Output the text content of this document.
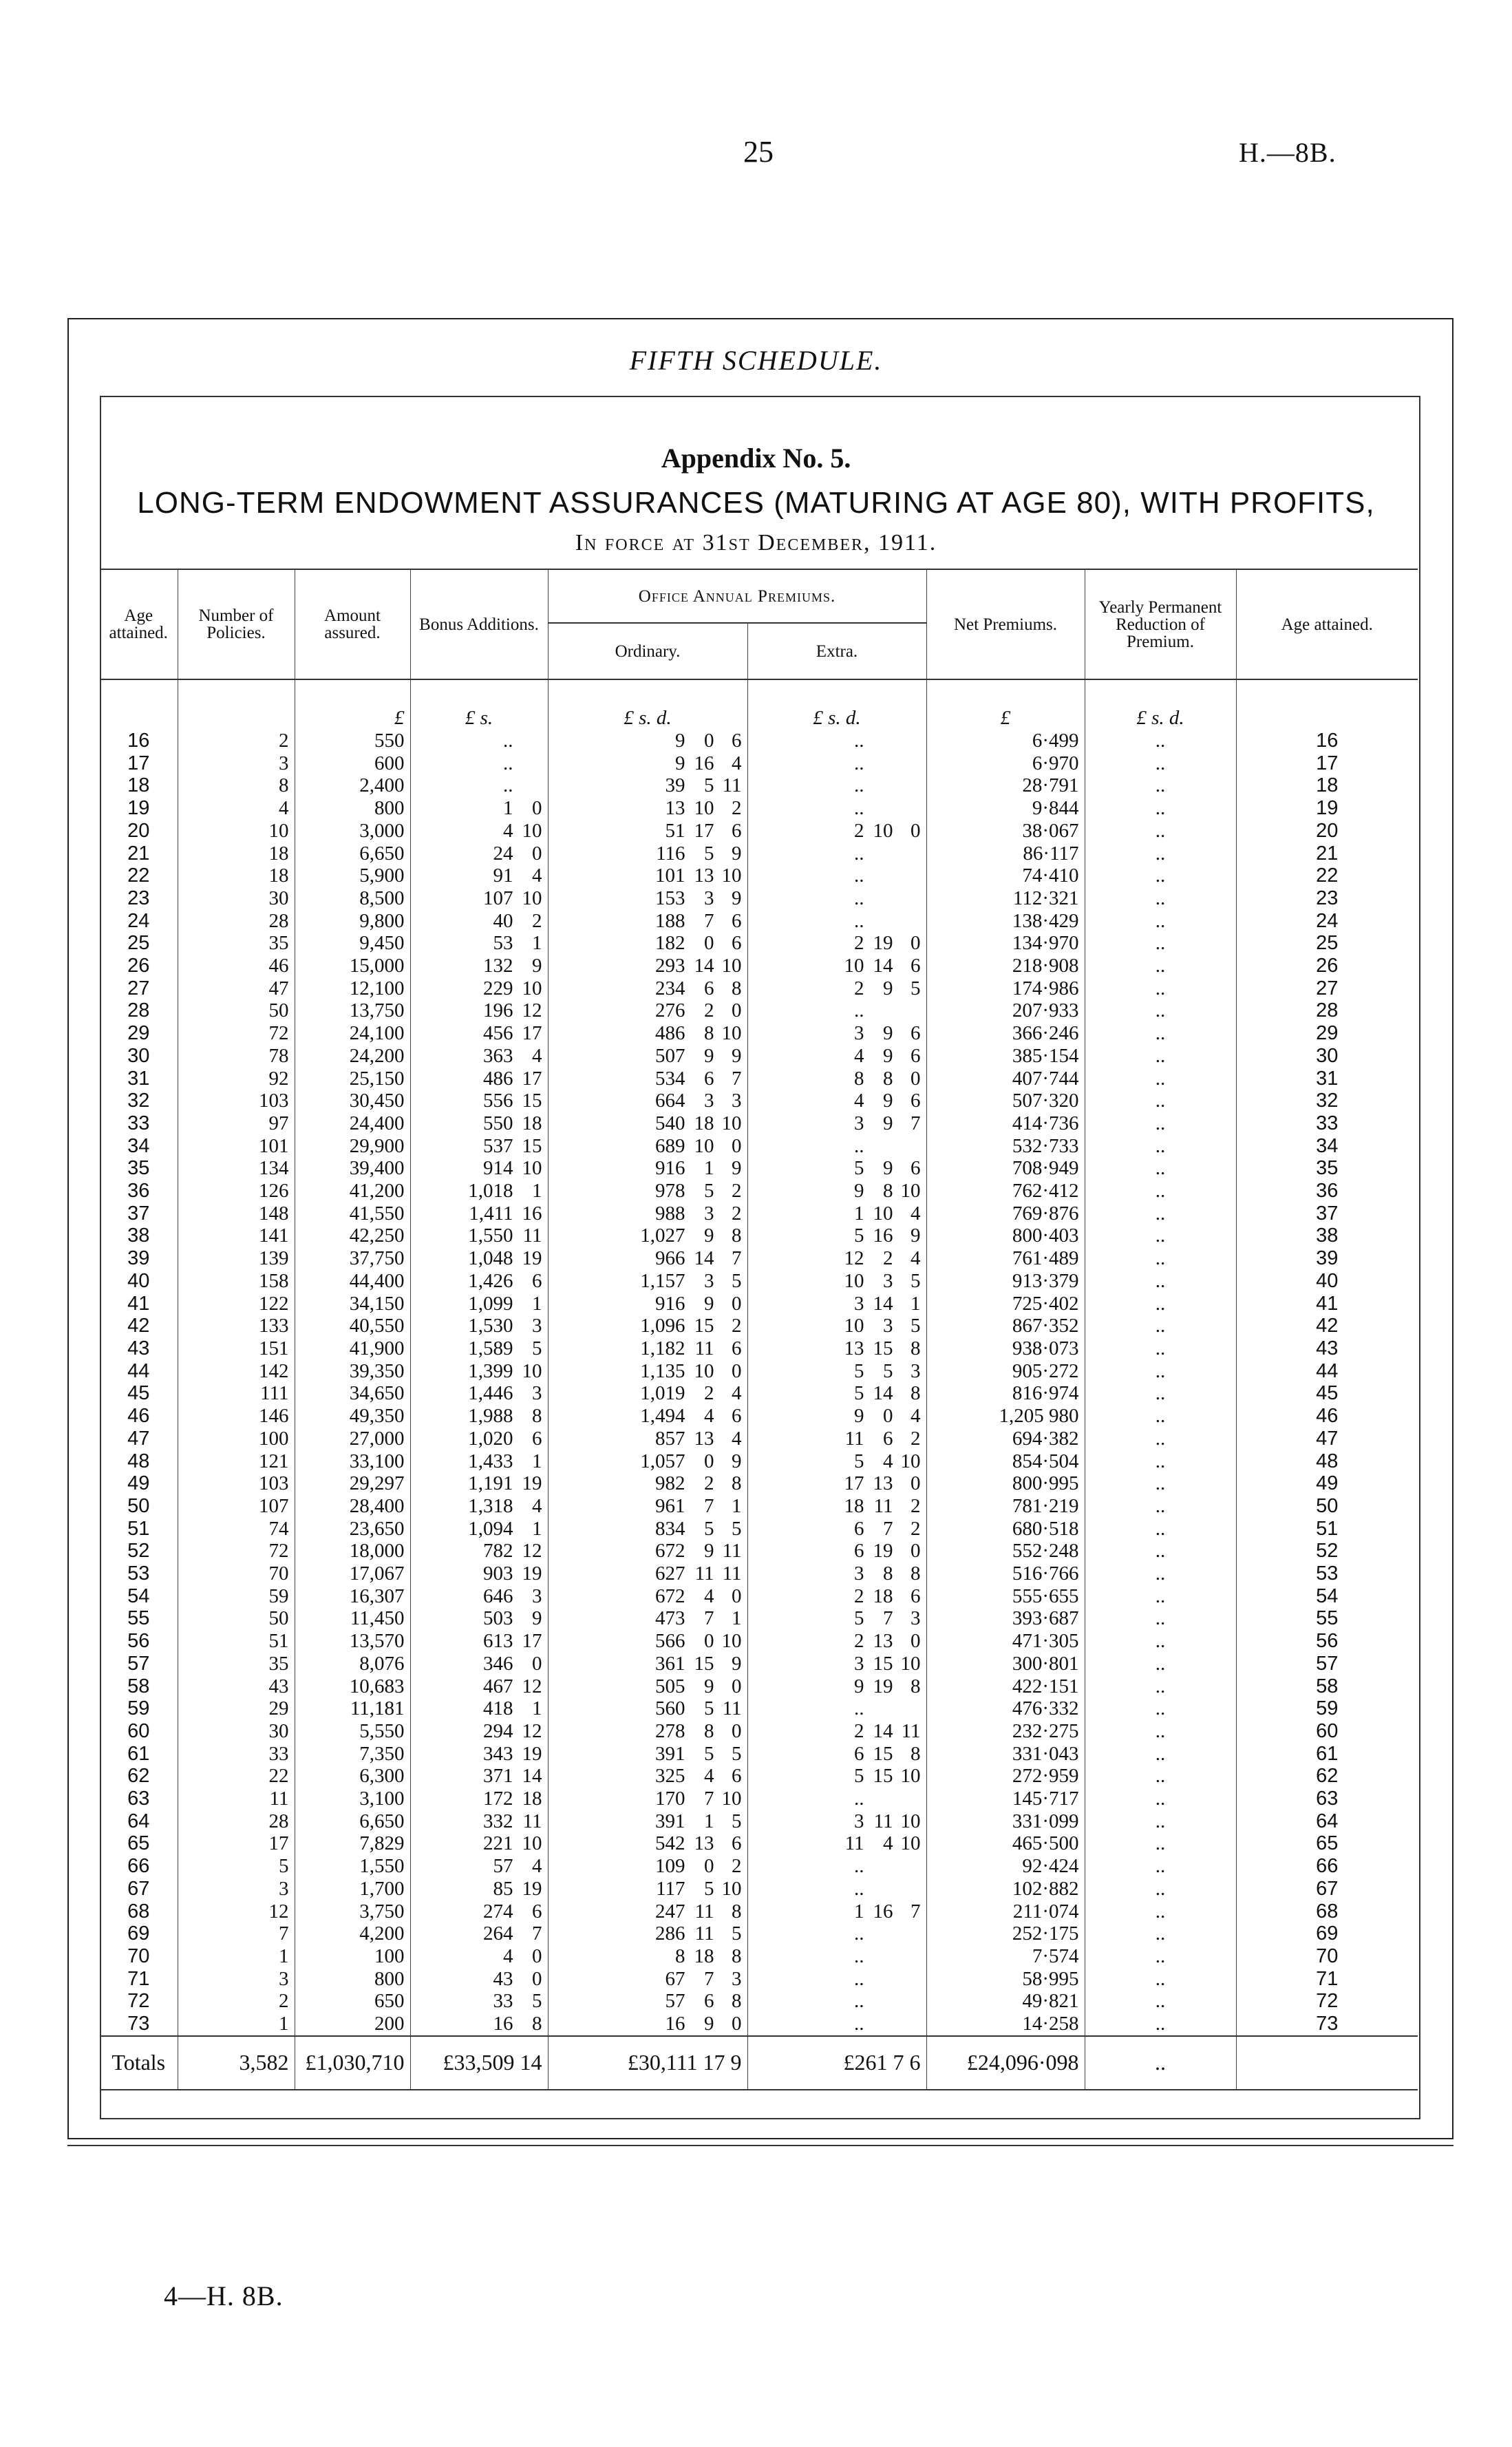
25	H.—8B.
FIFTH SCHEDULE.
Appendix No. 5.
LONG-TERM ENDOWMENT ASSURANCES (MATURING AT AGE 80), WITH PROFITS,
In force at 31st December, 1911.
Age attained.	Number of Policies.	Amount assured.	Bonus Additions.	Office Annual Premiums.		Net Premiums.	Yearly Permanent Reduction of Premium.	Age attained.
				Ordinary.	Extra.			
		£	£ s.	£ s. d.	£ s. d.	£	£ s. d.	
16	2	550	..	9 0 6	..	6·499	..	16
17	3	600	..	9 16 4	..	6·970	..	17
18	8	2,400	..	39 5 11	..	28·791	..	18
19	4	800	1 0	13 10 2	..	9·844	..	19
20	10	3,000	4 10	51 17 6	2 10 0	38·067	..	20
21	18	6,650	24 0	116 5 9	..	86·117	..	21
22	18	5,900	91 4	101 13 10	..	74·410	..	22
23	30	8,500	107 10	153 3 9	..	112·321	..	23
24	28	9,800	40 2	188 7 6	..	138·429	..	24
25	35	9,450	53 1	182 0 6	2 19 0	134·970	..	25
26	46	15,000	132 9	293 14 10	10 14 6	218·908	..	26
27	47	12,100	229 10	234 6 8	2 9 5	174·986	..	27
28	50	13,750	196 12	276 2 0	..	207·933	..	28
29	72	24,100	456 17	486 8 10	3 9 6	366·246	..	29
30	78	24,200	363 4	507 9 9	4 9 6	385·154	..	30
31	92	25,150	486 17	534 6 7	8 8 0	407·744	..	31
32	103	30,450	556 15	664 3 3	4 9 6	507·320	..	32
33	97	24,400	550 18	540 18 10	3 9 7	414·736	..	33
34	101	29,900	537 15	689 10 0	..	532·733	..	34
35	134	39,400	914 10	916 1 9	5 9 6	708·949	..	35
36	126	41,200	1,018 1	978 5 2	9 8 10	762·412	..	36
37	148	41,550	1,411 16	988 3 2	1 10 4	769·876	..	37
38	141	42,250	1,550 11	1,027 9 8	5 16 9	800·403	..	38
39	139	37,750	1,048 19	966 14 7	12 2 4	761·489	..	39
40	158	44,400	1,426 6	1,157 3 5	10 3 5	913·379	..	40
41	122	34,150	1,099 1	916 9 0	3 14 1	725·402	..	41
42	133	40,550	1,530 3	1,096 15 2	10 3 5	867·352	..	42
43	151	41,900	1,589 5	1,182 11 6	13 15 8	938·073	..	43
44	142	39,350	1,399 10	1,135 10 0	5 5 3	905·272	..	44
45	111	34,650	1,446 3	1,019 2 4	5 14 8	816·974	..	45
46	146	49,350	1,988 8	1,494 4 6	9 0 4	1,205 980	..	46
47	100	27,000	1,020 6	857 13 4	11 6 2	694·382	..	47
48	121	33,100	1,433 1	1,057 0 9	5 4 10	854·504	..	48
49	103	29,297	1,191 19	982 2 8	17 13 0	800·995	..	49
50	107	28,400	1,318 4	961 7 1	18 11 2	781·219	..	50
51	74	23,650	1,094 1	834 5 5	6 7 2	680·518	..	51
52	72	18,000	782 12	672 9 11	6 19 0	552·248	..	52
53	70	17,067	903 19	627 11 11	3 8 8	516·766	..	53
54	59	16,307	646 3	672 4 0	2 18 6	555·655	..	54
55	50	11,450	503 9	473 7 1	5 7 3	393·687	..	55
56	51	13,570	613 17	566 0 10	2 13 0	471·305	..	56
57	35	8,076	346 0	361 15 9	3 15 10	300·801	..	57
58	43	10,683	467 12	505 9 0	9 19 8	422·151	..	58
59	29	11,181	418 1	560 5 11	..	476·332	..	59
60	30	5,550	294 12	278 8 0	2 14 11	232·275	..	60
61	33	7,350	343 19	391 5 5	6 15 8	331·043	..	61
62	22	6,300	371 14	325 4 6	5 15 10	272·959	..	62
63	11	3,100	172 18	170 7 10	..	145·717	..	63
64	28	6,650	332 11	391 1 5	3 11 10	331·099	..	64
65	17	7,829	221 10	542 13 6	11 4 10	465·500	..	65
66	5	1,550	57 4	109 0 2	..	92·424	..	66
67	3	1,700	85 19	117 5 10	..	102·882	..	67
68	12	3,750	274 6	247 11 8	1 16 7	211·074	..	68
69	7	4,200	264 7	286 11 5	..	252·175	..	69
70	1	100	4 0	8 18 8	..	7·574	..	70
71	3	800	43 0	67 7 3	..	58·995	..	71
72	2	650	33 5	57 6 8	..	49·821	..	72
73	1	200	16 8	16 9 0	..	14·258	..	73
Totals	3,582	£1,030,710	£33,509 14	£30,111 17 9	£261 7 6	£24,096·098	..	
4—H. 8B.
